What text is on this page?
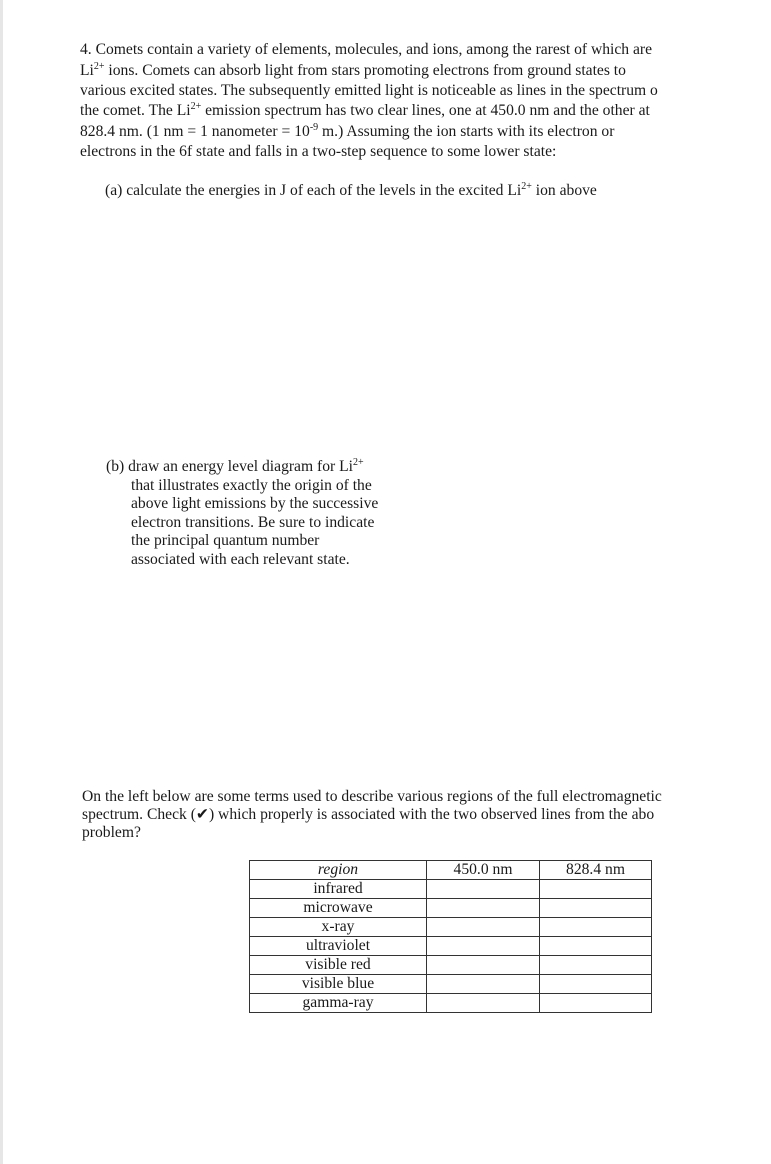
4. Comets contain a variety of elements, molecules, and ions, among the rarest of which are
$Li^{2+}$ ions. Comets can absorb light from stars promoting electrons from ground states to
various excited states. The subsequently emitted light is noticeable as lines in the spectrum o
the comet. The $Li^{2+}$ emission spectrum has two clear lines, one at 450.0 nm and the other at
828.4 nm. (1 nm = 1 nanometer = $10^{-9}$ m.) Assuming the ion starts with its electron or
electrons in the 6f state and falls in a two-step sequence to some lower state:
(a) calculate the energies in J of each of the levels in the excited $Li^{2+}$ ion above
(b) draw an energy level diagram for $Li^{2+}$
that illustrates exactly the origin of the
above light emissions by the successive
electron transitions. Be sure to indicate
the principal quantum number
associated with each relevant state.
On the left below are some terms used to describe various regions of the full electromagnetic
spectrum. Check (✔) which properly is associated with the two observed lines from the abo
problem?
region	450.0 nm	828.4 nm
infrared		
microwave		
x-ray		
ultraviolet		
visible red		
visible blue		
gamma-ray		
